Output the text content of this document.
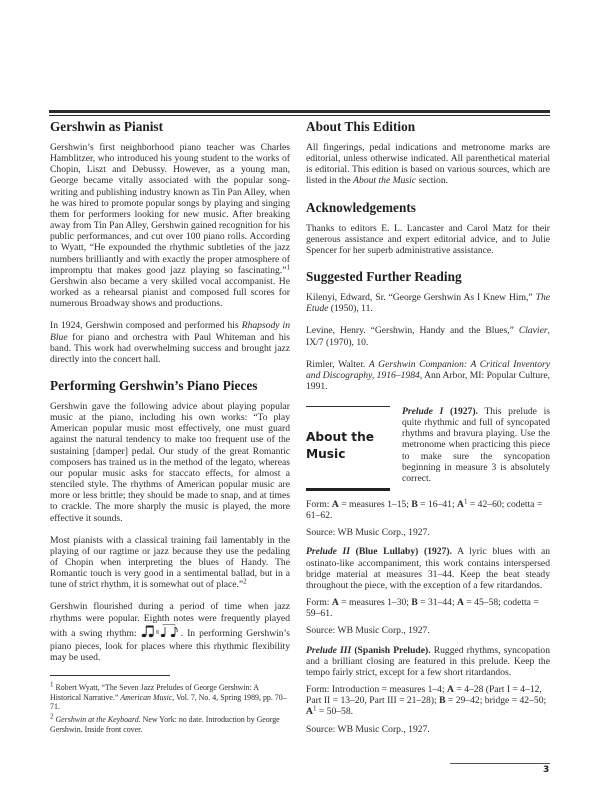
Gershwin as Pianist

Gershwin’s first neighborhood piano teacher was Charles Hamblitzer, who introduced his young student to the works of Chopin, Liszt and Debussy. However, as a young man, George became vitally associated with the popular song-writing and publishing industry known as Tin Pan Alley, when he was hired to promote popular songs by playing and singing them for performers looking for new music. After breaking away from Tin Pan Alley, Gershwin gained recognition for his public performances, and cut over 100 piano rolls. According to Wyatt, “He expounded the rhythmic subtleties of the jazz numbers brilliantly and with exactly the proper atmosphere of impromptu that makes good jazz playing so fascinating.”$^1$ Gershwin also became a very skilled vocal accompanist. He worked as a rehearsal pianist and composed full scores for numerous Broadway shows and productions.

In 1924, Gershwin composed and performed his Rhapsody in Blue for piano and orchestra with Paul Whiteman and his band. This work had overwhelming success and brought jazz directly into the concert hall.

Performing Gershwin’s Piano Pieces

Gershwin gave the following advice about playing popular music at the piano, including his own works: “To play American popular music most effectively, one must guard against the natural tendency to make too frequent use of the sustaining [damper] pedal. Our study of the great Romantic composers has trained us in the method of the legato, whereas our popular music asks for staccato effects, for almost a stenciled style. The rhythms of American popular music are more or less brittle; they should be made to snap, and at times to crackle. The more sharply the music is played, the more effective it sounds.

Most pianists with a classical training fail lamentably in the playing of our ragtime or jazz because they use the pedaling of Chopin when interpreting the blues of Handy. The Romantic touch is very good in a sentimental ballad, but in a tune of strict rhythm, it is somewhat out of place.”$^2$

Gershwin flourished during a period of time when jazz rhythms were popular. Eighth notes were frequently played with a swing rhythm:	. In performing Gershwin’s piano pieces, look for places where this rhythmic flexibility may be used.

$^1$ Robert Wyatt, “The Seven Jazz Preludes of George Gershwin: A Historical Narrative.” American Music, Vol. 7, No. 4, Spring 1989, pp. 70–71.

$^2$ Gershwin at the Keyboard. New York: no date. Introduction by George Gershwin. Inside front cover.

About This Edition

All fingerings, pedal indications and metronome marks are editorial, unless otherwise indicated. All parenthetical material is editorial. This edition is based on various sources, which are listed in the About the Music section.

Acknowledgements

Thanks to editors E. L. Lancaster and Carol Matz for their generous assistance and expert editorial advice, and to Julie Spencer for her superb administrative assistance.

Suggested Further Reading

Kilenyi, Edward, Sr. “George Gershwin As I Knew Him,” The Etude (1950), 11.

Levine, Henry. “Gershwin, Handy and the Blues,” Clavier, IX/7 (1970), 10.

Rimler, Walter. A Gershwin Companion: A Critical Inventory and Discography, 1916–1984, Ann Arbor, MI: Popular Culture, 1991.

About the
Music

Prelude I (1927). This prelude is quite rhythmic and full of syncopated rhythms and bravura playing. Use the metronome when practicing this piece to make sure the syncopation beginning in measure 3 is absolutely correct.

Form: A = measures 1–15; B = 16–41; $A^1 = 42-60$; codetta = 61–62.

Source: WB Music Corp., 1927.

Prelude II (Blue Lullaby) (1927). A lyric blues with an ostinato-like accompaniment, this work contains interspersed bridge material at measures 31–44. Keep the beat steady throughout the piece, with the exception of a few ritardandos.

Form: A = measures 1–30; B = 31–44; A = 45–58; codetta = 59–61.

Source: WB Music Corp., 1927.

Prelude III (Spanish Prelude). Rugged rhythms, syncopation and a brilliant closing are featured in this prelude. Keep the tempo fairly strict, except for a few short ritardandos.

Form: Introduction = measures 1–4; A = 4–28 (Part I = 4–12, Part II = 13–20, Part III = 21–28); B = 29–42; bridge = 42–50; $A^1 = 50-58$.

Source: WB Music Corp., 1927.

3
